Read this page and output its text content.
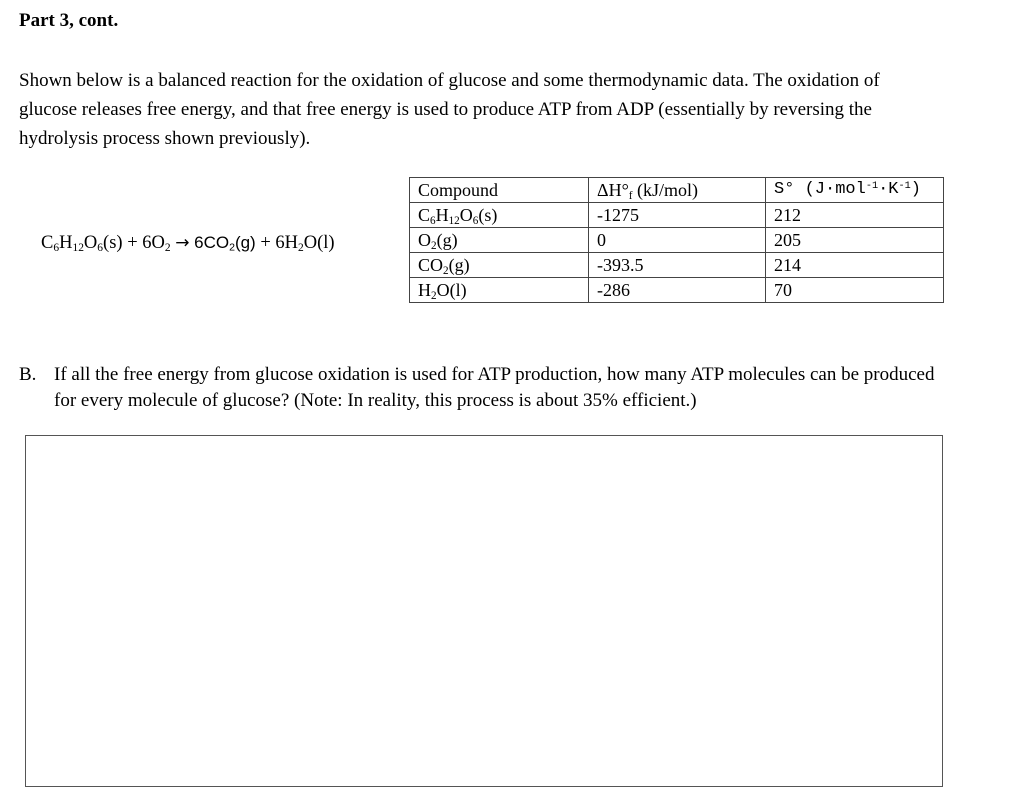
Part 3, cont.

Shown below is a balanced reaction for the oxidation of glucose and some thermodynamic data. The oxidation of glucose releases free energy, and that free energy is used to produce ATP from ADP (essentially by reversing the hydrolysis process shown previously).

$C_6H_{12}O_6(s) + 6O_2 \to 6CO_2(g) + 6H_2O(l)$
Compound	$\Delta H^\circ_f$ (kJ/mol)	S° $(J\cdot mol^{-1}\cdot K^{-1})$
$C_6H_{12}O_6(s)$	-1275	212
$O_2(g)$	0	205
$CO_2(g)$	-393.5	214
$H_2O(l)$	-286	70
B. If all the free energy from glucose oxidation is used for ATP production, how many ATP molecules can be produced for every molecule of glucose? (Note: In reality, this process is about 35% efficient.)
